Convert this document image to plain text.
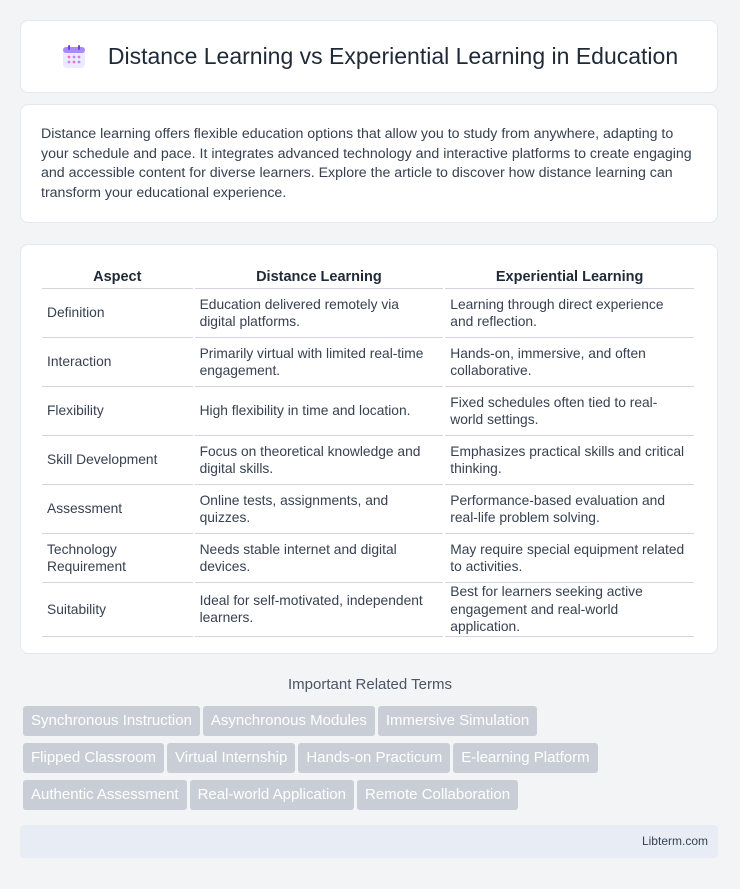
Distance Learning vs Experiential Learning in Education

Distance learning offers flexible education options that allow you to study from anywhere, adapting to your schedule and pace. It integrates advanced technology and interactive platforms to create engaging and accessible content for diverse learners. Explore the article to discover how distance learning can transform your educational experience.

Aspect	Distance Learning	Experiential Learning
Definition	Education delivered remotely via digital platforms.	Learning through direct experience and reflection.
Interaction	Primarily virtual with limited real-time engagement.	Hands-on, immersive, and often collaborative.
Flexibility	High flexibility in time and location.	Fixed schedules often tied to real-world settings.
Skill Development	Focus on theoretical knowledge and digital skills.	Emphasizes practical skills and critical thinking.
Assessment	Online tests, assignments, and quizzes.	Performance-based evaluation and real-life problem solving.
Technology Requirement	Needs stable internet and digital devices.	May require special equipment related to activities.
Suitability	Ideal for self-motivated, independent learners.	Best for learners seeking active engagement and real-world application.
Important Related Terms
Synchronous Instruction Asynchronous Modules Immersive Simulation
Flipped Classroom Virtual Internship Hands-on Practicum E-learning Platform
Authentic Assessment Real-world Application Remote Collaboration
Libterm.com
